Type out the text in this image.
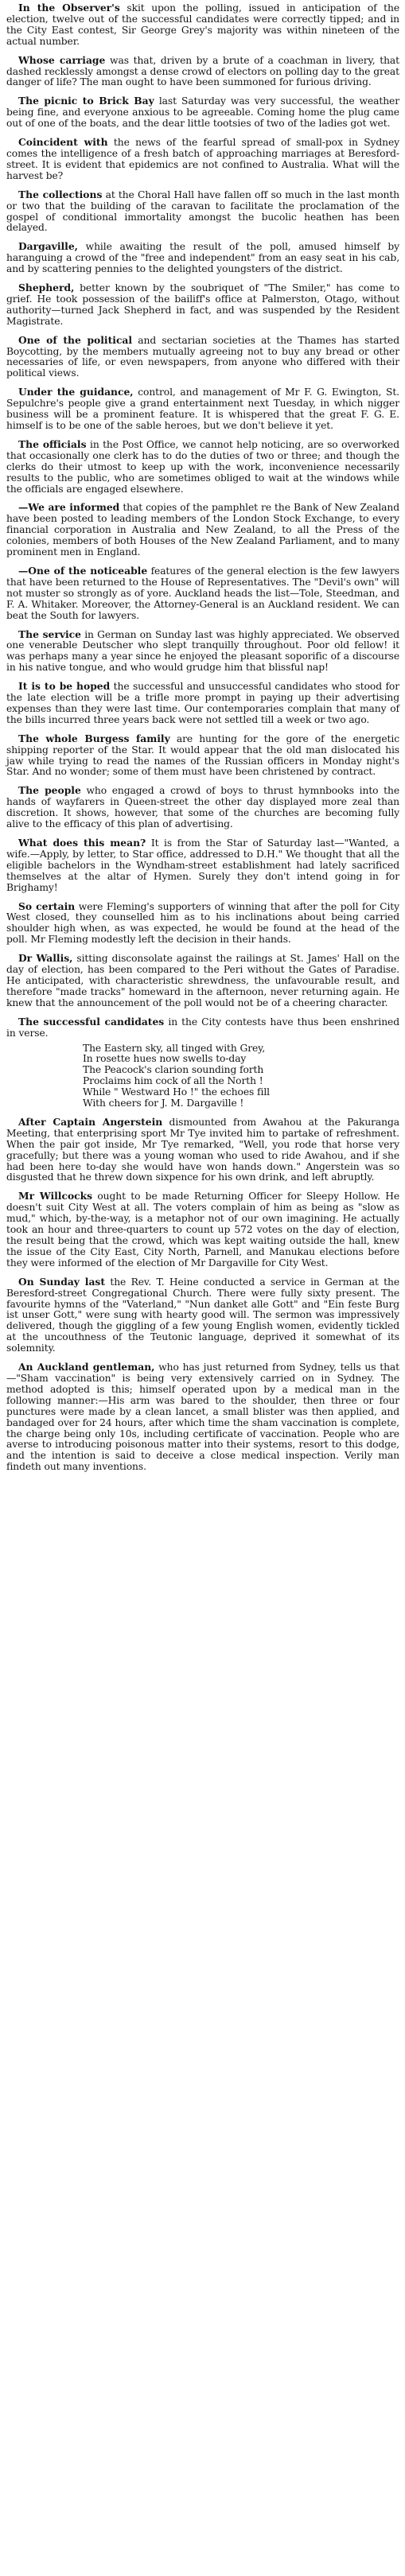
In the Observer's skit upon the polling, issued in anticipation of the election, twelve out of the successful candidates were correctly tipped; and in the City East contest, Sir George Grey's majority was within nineteen of the actual number.

Whose carriage was that, driven by a brute of a coachman in livery, that dashed recklessly amongst a dense crowd of electors on polling day to the great danger of life? The man ought to have been summoned for furious driving.

The picnic to Brick Bay last Saturday was very successful, the weather being fine, and everyone anxious to be agreeable. Coming home the plug came out of one of the boats, and the dear little tootsies of two of the ladies got wet.

Coincident with the news of the fearful spread of small-pox in Sydney comes the intelligence of a fresh batch of approaching marriages at Beresford-street. It is evident that epidemics are not confined to Australia. What will the harvest be?

The collections at the Choral Hall have fallen off so much in the last month or two that the building of the caravan to facilitate the proclamation of the gospel of conditional immortality amongst the bucolic heathen has been delayed.

Dargaville, while awaiting the result of the poll, amused himself by haranguing a crowd of the "free and independent" from an easy seat in his cab, and by scattering pennies to the delighted youngsters of the district.

Shepherd, better known by the soubriquet of "The Smiler," has come to grief. He took possession of the bailiff's office at Palmerston, Otago, without authority—turned Jack Shepherd in fact, and was suspended by the Resident Magistrate.

One of the political and sectarian societies at the Thames has started Boycotting, by the members mutually agreeing not to buy any bread or other necessaries of life, or even newspapers, from anyone who differed with their political views.

Under the guidance, control, and management of Mr F. G. Ewington, St. Sepulchre's people give a grand entertainment next Tuesday, in which nigger business will be a prominent feature. It is whispered that the great F. G. E. himself is to be one of the sable heroes, but we don't believe it yet.

The officials in the Post Office, we cannot help noticing, are so overworked that occasionally one clerk has to do the duties of two or three; and though the clerks do their utmost to keep up with the work, inconvenience necessarily results to the public, who are sometimes obliged to wait at the windows while the officials are engaged elsewhere.

—We are informed that copies of the pamphlet re the Bank of New Zealand have been posted to leading members of the London Stock Exchange, to every financial corporation in Australia and New Zealand, to all the Press of the colonies, members of both Houses of the New Zealand Parliament, and to many prominent men in England.

—One of the noticeable features of the general election is the few lawyers that have been returned to the House of Representatives. The "Devil's own" will not muster so strongly as of yore. Auckland heads the list—Tole, Steedman, and F. A. Whitaker. Moreover, the Attorney-General is an Auckland resident. We can beat the South for lawyers.

The service in German on Sunday last was highly appreciated. We observed one venerable Deutscher who slept tranquilly throughout. Poor old fellow! it was perhaps many a year since he enjoyed the pleasant soporific of a discourse in his native tongue, and who would grudge him that blissful nap!

It is to be hoped the successful and unsuccessful candidates who stood for the late election will be a trifle more prompt in paying up their advertising expenses than they were last time. Our contemporaries complain that many of the bills incurred three years back were not settled till a week or two ago.

The whole Burgess family are hunting for the gore of the energetic shipping reporter of the Star. It would appear that the old man dislocated his jaw while trying to read the names of the Russian officers in Monday night's Star. And no wonder; some of them must have been christened by contract.

The people who engaged a crowd of boys to thrust hymnbooks into the hands of wayfarers in Queen-street the other day displayed more zeal than discretion. It shows, however, that some of the churches are becoming fully alive to the efficacy of this plan of advertising.

What does this mean? It is from the Star of Saturday last—"Wanted, a wife.—Apply, by letter, to Star office, addressed to D.H." We thought that all the eligible bachelors in the Wyndham-street establishment had lately sacrificed themselves at the altar of Hymen. Surely they don't intend going in for Brighamy!

So certain were Fleming's supporters of winning that after the poll for City West closed, they counselled him as to his inclinations about being carried shoulder high when, as was expected, he would be found at the head of the poll. Mr Fleming modestly left the decision in their hands.

Dr Wallis, sitting disconsolate against the railings at St. James' Hall on the day of election, has been compared to the Peri without the Gates of Paradise. He anticipated, with characteristic shrewdness, the unfavourable result, and therefore "made tracks" homeward in the afternoon, never returning again. He knew that the announcement of the poll would not be of a cheering character.

The successful candidates in the City contests have thus been enshrined in verse.

The Eastern sky, all tinged with Grey,
In rosette hues now swells to-day
The Peacock's clarion sounding forth
Proclaims him cock of all the North !
While " Westward Ho !" the echoes fill
With cheers for J. M. Dargaville !

After Captain Angerstein dismounted from Awahou at the Pakuranga Meeting, that enterprising sport Mr Tye invited him to partake of refreshment. When the pair got inside, Mr Tye remarked, "Well, you rode that horse very gracefully; but there was a young woman who used to ride Awahou, and if she had been here to-day she would have won hands down." Angerstein was so disgusted that he threw down sixpence for his own drink, and left abruptly.

Mr Willcocks ought to be made Returning Officer for Sleepy Hollow. He doesn't suit City West at all. The voters complain of him as being as "slow as mud," which, by-the-way, is a metaphor not of our own imagining. He actually took an hour and three-quarters to count up 572 votes on the day of election, the result being that the crowd, which was kept waiting outside the hall, knew the issue of the City East, City North, Parnell, and Manukau elections before they were informed of the election of Mr Dargaville for City West.

On Sunday last the Rev. T. Heine conducted a service in German at the Beresford-street Congregational Church. There were fully sixty present. The favourite hymns of the "Vaterland," "Nun danket alle Gott" and "Ein feste Burg ist unser Gott," were sung with hearty good will. The sermon was impressively delivered, though the giggling of a few young English women, evidently tickled at the uncouthness of the Teutonic language, deprived it somewhat of its solemnity.

An Auckland gentleman, who has just returned from Sydney, tells us that—"Sham vaccination" is being very extensively carried on in Sydney. The method adopted is this; himself operated upon by a medical man in the following manner:—His arm was bared to the shoulder, then three or four punctures were made by a clean lancet, a small blister was then applied, and bandaged over for 24 hours, after which time the sham vaccination is complete, the charge being only 10s, including certificate of vaccination. People who are averse to introducing poisonous matter into their systems, resort to this dodge, and the intention is said to deceive a close medical inspection. Verily man findeth out many inventions.
